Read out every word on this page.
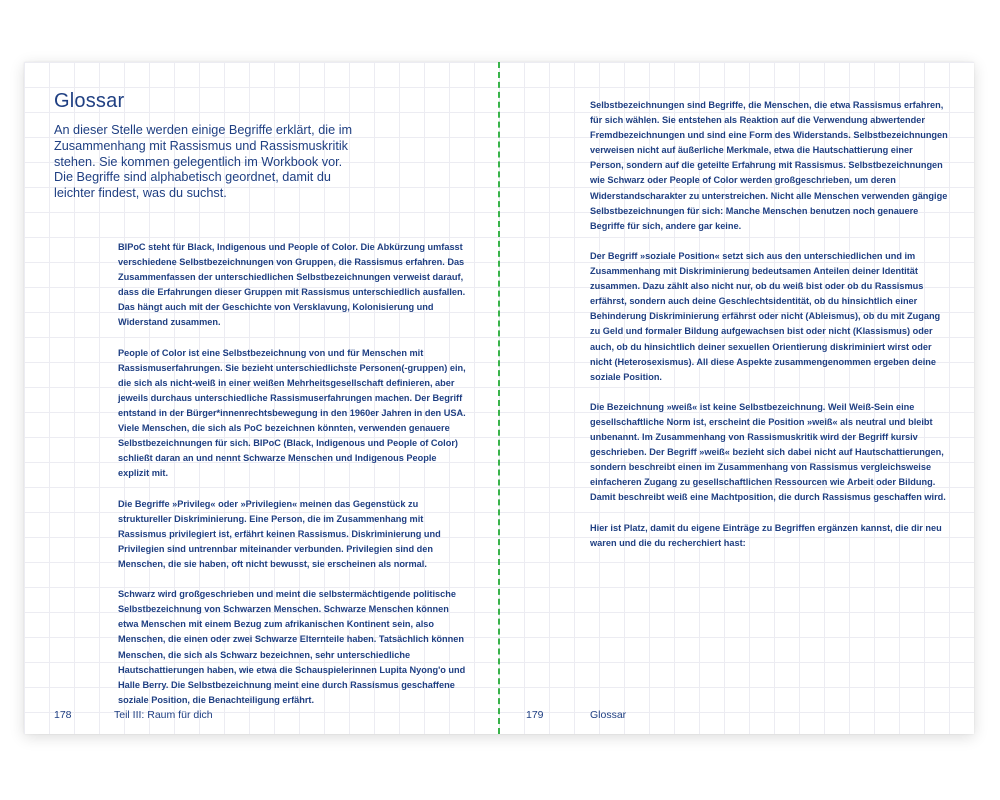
Glossar

An dieser Stelle werden einige Begriffe erklärt, die im Zusammenhang mit Rassismus und Rassismuskritik stehen. Sie kommen gelegentlich im Workbook vor. Die Begriffe sind alphabetisch geordnet, damit du leichter findest, was du suchst.

BIPoC steht für Black, Indigenous und People of Color. Die Abkürzung umfasst verschiedene Selbstbezeichnungen von Gruppen, die Rassismus erfahren. Das Zusammenfassen der unterschiedlichen Selbstbezeichnungen verweist darauf, dass die Erfahrungen dieser Gruppen mit Rassismus unterschiedlich ausfallen. Das hängt auch mit der Geschichte von Versklavung, Kolonisierung und Widerstand zusammen.

People of Color ist eine Selbstbezeichnung von und für Menschen mit Rassismuserfahrungen. Sie bezieht unterschiedlichste Personen(-gruppen) ein, die sich als nicht-weiß in einer weißen Mehrheitsgesellschaft definieren, aber jeweils durchaus unterschiedliche Rassismuserfahrungen machen. Der Begriff entstand in der Bürger*innenrechtsbewegung in den 1960er Jahren in den USA. Viele Menschen, die sich als PoC bezeichnen könnten, verwenden genauere Selbstbezeichnungen für sich. BIPoC (Black, Indigenous und People of Color) schließt daran an und nennt Schwarze Menschen und Indigenous People explizit mit.

Die Begriffe »Privileg« oder »Privilegien« meinen das Gegenstück zu struktureller Diskriminierung. Eine Person, die im Zusammenhang mit Rassismus privilegiert ist, erfährt keinen Rassismus. Diskriminierung und Privilegien sind untrennbar miteinander verbunden. Privilegien sind den Menschen, die sie haben, oft nicht bewusst, sie erscheinen als normal.

Schwarz wird großgeschrieben und meint die selbstermächtigende politische Selbstbezeichnung von Schwarzen Menschen. Schwarze Menschen können etwa Menschen mit einem Bezug zum afrikanischen Kontinent sein, also Menschen, die einen oder zwei Schwarze Elternteile haben. Tatsächlich können Menschen, die sich als Schwarz bezeichnen, sehr unterschiedliche Hautschattierungen haben, wie etwa die Schauspielerinnen Lupita Nyong'o und Halle Berry. Die Selbstbezeichnung meint eine durch Rassismus geschaffene soziale Position, die Benachteiligung erfährt.

178	Teil III: Raum für dich

Selbstbezeichnungen sind Begriffe, die Menschen, die etwa Rassismus erfahren, für sich wählen. Sie entstehen als Reaktion auf die Verwendung abwertender Fremdbezeichnungen und sind eine Form des Widerstands. Selbstbezeichnungen verweisen nicht auf äußerliche Merkmale, etwa die Hautschattierung einer Person, sondern auf die geteilte Erfahrung mit Rassismus. Selbstbezeichnungen wie Schwarz oder People of Color werden großgeschrieben, um deren Widerstandscharakter zu unterstreichen. Nicht alle Menschen verwenden gängige Selbstbezeichnungen für sich: Manche Menschen benutzen noch genauere Begriffe für sich, andere gar keine.

Der Begriff »soziale Position« setzt sich aus den unterschiedlichen und im Zusammenhang mit Diskriminierung bedeutsamen Anteilen deiner Identität zusammen. Dazu zählt also nicht nur, ob du weiß bist oder ob du Rassismus erfährst, sondern auch deine Geschlechtsidentität, ob du hinsichtlich einer Behinderung Diskriminierung erfährst oder nicht (Ableismus), ob du mit Zugang zu Geld und formaler Bildung aufgewachsen bist oder nicht (Klassismus) oder auch, ob du hinsichtlich deiner sexuellen Orientierung diskriminiert wirst oder nicht (Heterosexismus). All diese Aspekte zusammengenommen ergeben deine soziale Position.

Die Bezeichnung »weiß« ist keine Selbstbezeichnung. Weil Weiß-Sein eine gesellschaftliche Norm ist, erscheint die Position »weiß« als neutral und bleibt unbenannt. Im Zusammenhang von Rassismuskritik wird der Begriff kursiv geschrieben. Der Begriff »weiß« bezieht sich dabei nicht auf Hautschattierungen, sondern beschreibt einen im Zusammenhang von Rassismus vergleichsweise einfacheren Zugang zu gesellschaftlichen Ressourcen wie Arbeit oder Bildung. Damit beschreibt weiß eine Machtposition, die durch Rassismus geschaffen wird.

Hier ist Platz, damit du eigene Einträge zu Begriffen ergänzen kannst, die dir neu waren und die du recherchiert hast:

179	Glossar
